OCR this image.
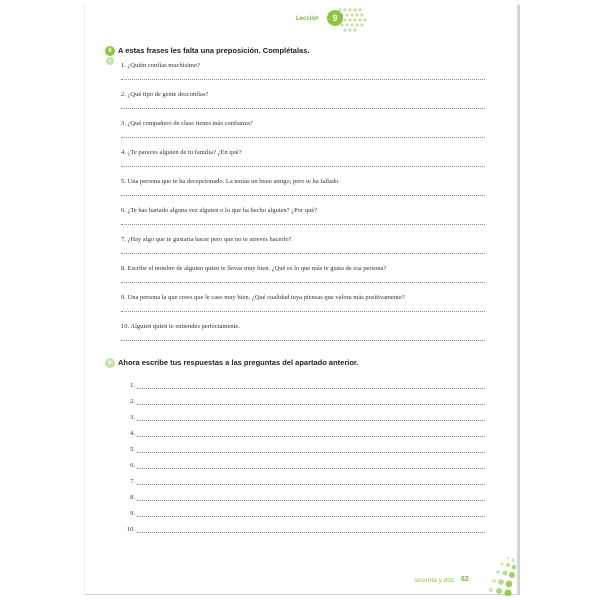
Lección	9
6
a
A estas frases les falta una preposición. Complétalas.
1. ¿Quién confías muchísimo?
2. ¿Qué tipo de gente desconfías?
3. ¿Qué compañero de clase tienes más confianza?
4. ¿Te pareces alguien de tu familia? ¿En qué?
5. Una persona que te ha decepcionado. La tenías un buen amigo, pero te ha fallado.
6. ¿Te has hartado alguna vez alguien o lo que ha hecho alguien? ¿Por qué?
7. ¿Hay algo que te gustaría hacer pero que no te atreves hacerlo?
8. Escribe el nombre de alguien quien te llevas muy bien. ¿Qué es lo que más te gusta de esa persona?
9. Una persona la que crees que le caes muy bien. ¿Qué cualidad tuya piensas que valora más positivamente?
10. Alguien quien te entiendes perfectamente.
b Ahora escribe tus respuestas a las preguntas del apartado anterior.
1.
2.
3.
4.
5.
6.
7.
8.
9.
10.
sesenta y dos 62
